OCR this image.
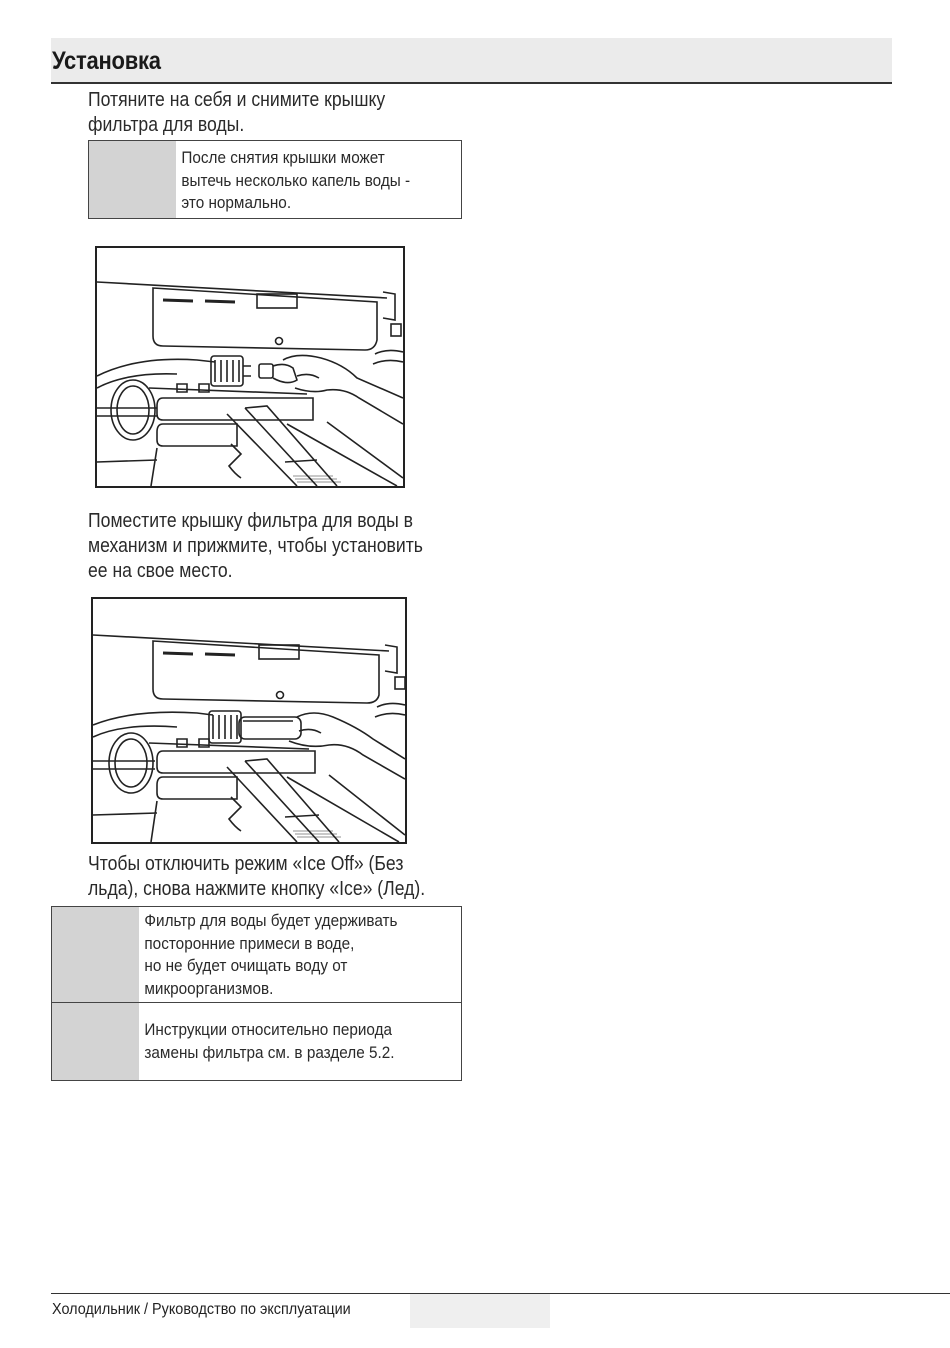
Установка
Потяните на себя и снимите крышку
фильтра для воды.
После снятия крышки может
вытечь несколько капель воды -
это нормально.
Поместите крышку фильтра для воды в
механизм и прижмите, чтобы установить
ее на свое место.
Чтобы отключить режим «Ice Off» (Без
льда), снова нажмите кнопку «Ice» (Лед).
Фильтр для воды будет удерживать
посторонние примеси в воде,
но не будет очищать воду от
микроорганизмов.
Инструкции относительно периода
замены фильтра см. в разделе 5.2.
Холодильник / Руководство по эксплуатации
